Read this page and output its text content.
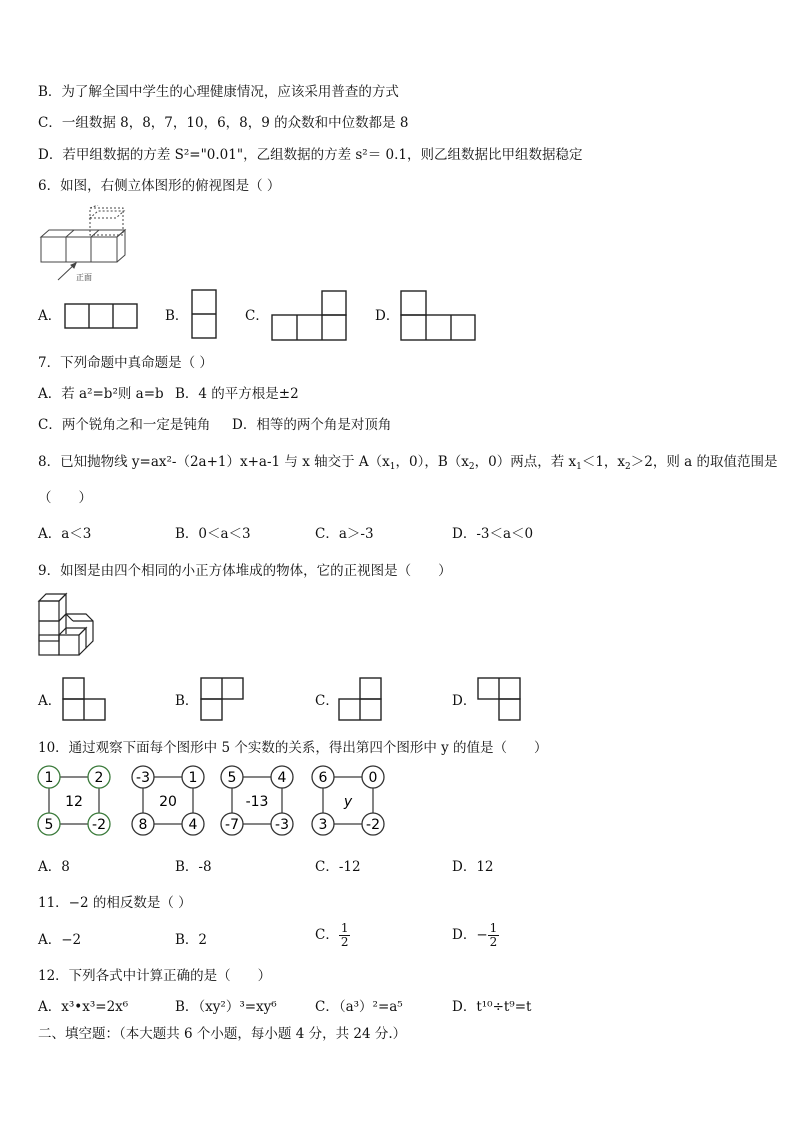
B．为了解全国中学生的心理健康情况，应该采用普查的方式
C．一组数据 8，8，7，10，6，8，9 的众数和中位数都是 8
D．若甲组数据的方差 S²="0.01"，乙组数据的方差 s²＝ 0.1，则乙组数据比甲组数据稳定
6．如图，右侧立体图形的俯视图是（ ）
正面
A．	B．	C．	D．
7．下列命题中真命题是（ ）
A．若 a²=b²则 a=b B．4 的平方根是±2
C．两个锐角之和一定是钝角 D．相等的两个角是对顶角
8．已知抛物线 y=ax²-（2a+1）x+a-1 与 x 轴交于 $A(x_1$，0），$B(x_2$，0）两点，若 $x_1<1$，$x_2>2$，则 a 的取值范围是
（　　）
A．a＜3	B．0＜a＜3	C．a＞-3	D．-3＜a＜0
9．如图是由四个相同的小正方体堆成的物体，它的正视图是（　　）
A．	B．	C．	D．
10．通过观察下面每个图形中 5 个实数的关系，得出第四个图形中 y 的值是（　　）
1	2
5	-2
12
-3	1
8	4
20
5	4
-7	-3
-13
6	0
3	-2
y
A．8	B．-8	C．-12	D．12
11．−2 的相反数是（ ）
A．−2	B．2	C． $\frac{1}{2}$	D．− $\frac{1}{2}$
12．下列各式中计算正确的是（　　）
A．x³•x³=2x⁶	B．（xy²）³=xy⁶	C．（a³）²=a⁵	D．t¹⁰÷t⁹=t
二、填空题：（本大题共 6 个小题，每小题 4 分，共 24 分.）
